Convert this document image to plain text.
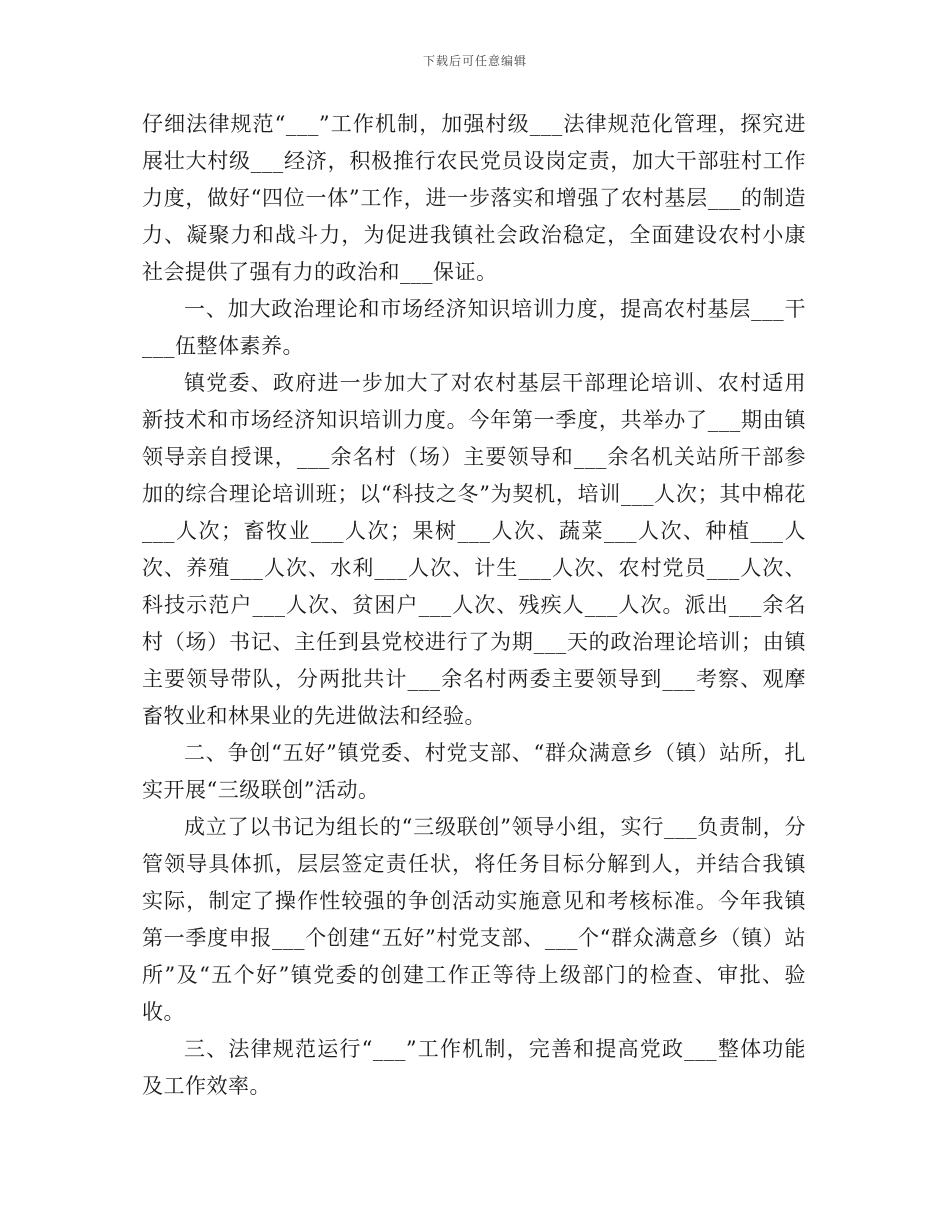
下载后可任意编辑

仔细法律规范“___”工作机制，加强村级___法律规范化管理，探究进展壮大村级___经济，积极推行农民党员设岗定责，加大干部驻村工作力度，做好“四位一体”工作，进一步落实和增强了农村基层___的制造力、凝聚力和战斗力，为促进我镇社会政治稳定，全面建设农村小康社会提供了强有力的政治和___保证。

一、加大政治理论和市场经济知识培训力度，提高农村基层___干___伍整体素养。

镇党委、政府进一步加大了对农村基层干部理论培训、农村适用新技术和市场经济知识培训力度。今年第一季度，共举办了___期由镇领导亲自授课，___余名村（场）主要领导和___余名机关站所干部参加的综合理论培训班；以“科技之冬”为契机，培训___人次；其中棉花___人次；畜牧业___人次；果树___人次、蔬菜___人次、种植___人次、养殖___人次、水利___人次、计生___人次、农村党员___人次、科技示范户___人次、贫困户___人次、残疾人___人次。派出___余名村（场）书记、主任到县党校进行了为期___天的政治理论培训；由镇主要领导带队，分两批共计___余名村两委主要领导到___考察、观摩畜牧业和林果业的先进做法和经验。

二、争创“五好”镇党委、村党支部、“群众满意乡（镇）站所，扎实开展“三级联创”活动。

成立了以书记为组长的“三级联创”领导小组，实行___负责制，分管领导具体抓，层层签定责任状，将任务目标分解到人，并结合我镇实际，制定了操作性较强的争创活动实施意见和考核标准。今年我镇第一季度申报___个创建“五好”村党支部、___个“群众满意乡（镇）站所”及“五个好”镇党委的创建工作正等待上级部门的检查、审批、验收。

三、法律规范运行“___”工作机制，完善和提高党政___整体功能及工作效率。
